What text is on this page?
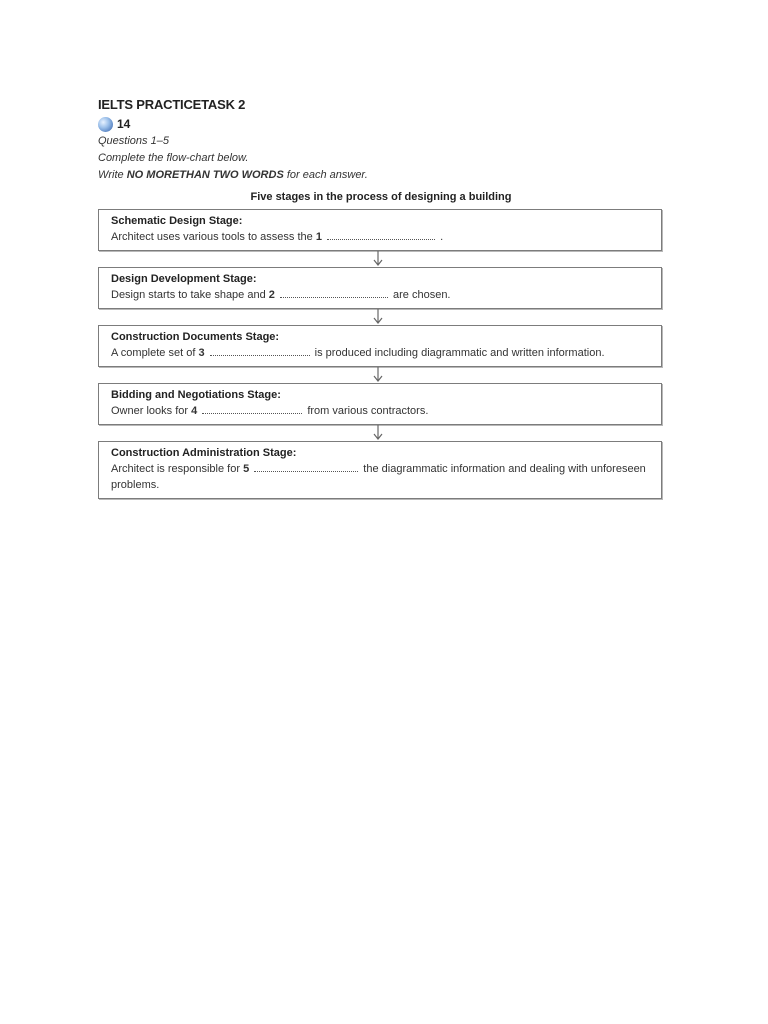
IELTS PRACTICETASK 2
14

Questions 1–5
Complete the flow-chart below.
Write NO MORETHAN TWO WORDS for each answer.

Five stages in the process of designing a building
Schematic Design Stage:
Architect uses various tools to assess the 1	.
Design Development Stage:
Design starts to take shape and 2	are chosen.
Construction Documents Stage:
A complete set of 3	is produced including diagrammatic and written information.
Bidding and Negotiations Stage:
Owner looks for 4	from various contractors.
Construction Administration Stage:
Architect is responsible for 5	the diagrammatic information and dealing with unforeseen problems.
